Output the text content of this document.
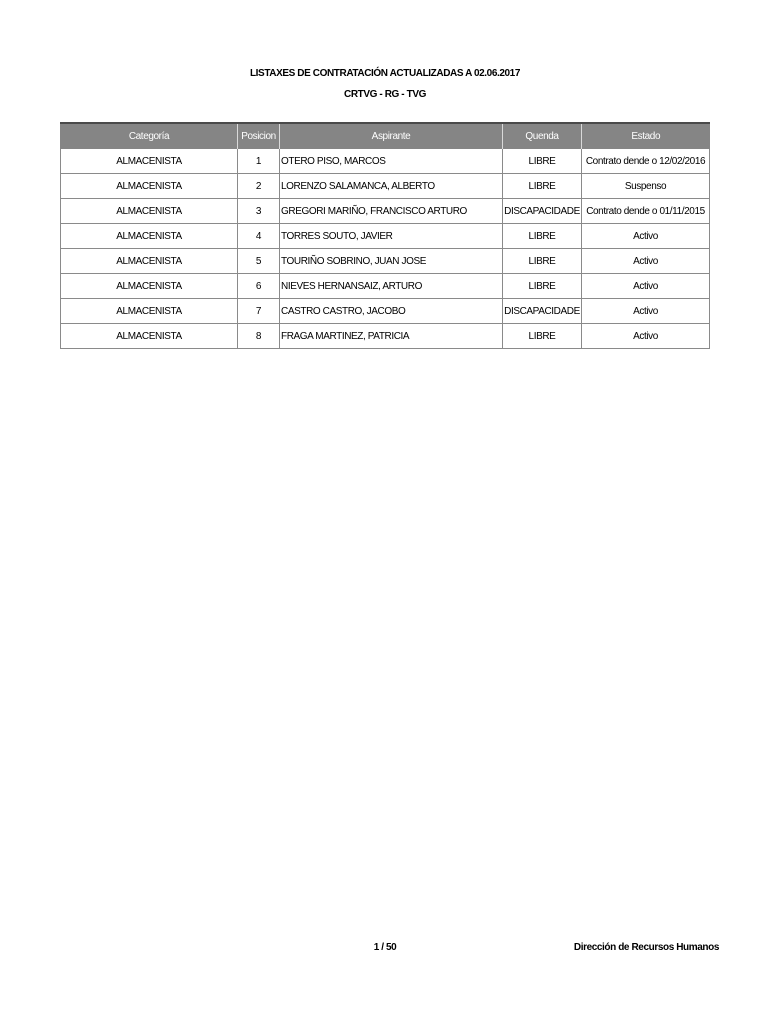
LISTAXES DE CONTRATACIÓN ACTUALIZADAS A 02.06.2017
CRTVG - RG - TVG
Categoría	Posicion	Aspirante	Quenda	Estado
ALMACENISTA	1	OTERO PISO, MARCOS	LIBRE	Contrato dende o 12/02/2016
ALMACENISTA	2	LORENZO SALAMANCA, ALBERTO	LIBRE	Suspenso
ALMACENISTA	3	GREGORI MARIÑO, FRANCISCO ARTURO	DISCAPACIDADE	Contrato dende o 01/11/2015
ALMACENISTA	4	TORRES SOUTO, JAVIER	LIBRE	Activo
ALMACENISTA	5	TOURIÑO SOBRINO, JUAN JOSE	LIBRE	Activo
ALMACENISTA	6	NIEVES HERNANSAIZ, ARTURO	LIBRE	Activo
ALMACENISTA	7	CASTRO CASTRO, JACOBO	DISCAPACIDADE	Activo
ALMACENISTA	8	FRAGA MARTINEZ, PATRICIA	LIBRE	Activo
1 / 50	Dirección de Recursos Humanos
